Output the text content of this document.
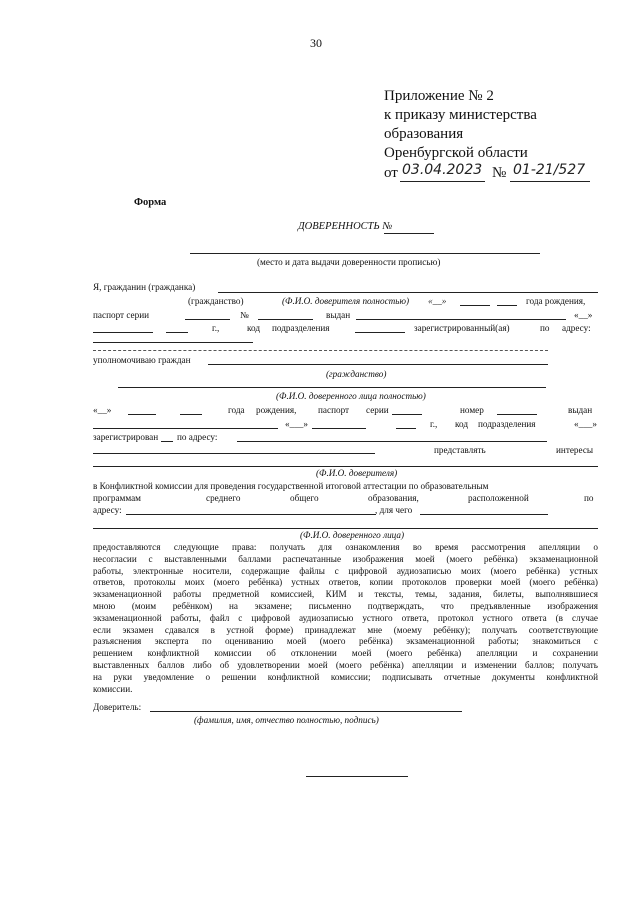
30
Приложение № 2
к приказу министерства
образования
Оренбургской области
от 03.04.2023 № 01-21/527
Форма
ДОВЕРЕННОСТЬ №
(место и дата выдачи доверенности прописью)
Я, гражданин (гражданка)
(гражданство)	(Ф.И.О. доверителя полностью) «__»	года рождения,
паспорт серии	№	выдан	«__»
г.,	код подразделения	зарегистрированный(ая)	по адресу:
уполномочиваю граждан
(гражданство)
(Ф.И.О. доверенного лица полностью)
«__»	года рождения, паспорт серии	номер	выдан
«___»	г., код подразделения	«___»
зарегистрирован по адресу:
представлять	интересы
(Ф.И.О. доверителя)
в Конфликтной комиссии для проведения государственной итоговой аттестации по образовательным
программам	среднего	общего	образования,	расположенной	по
адресу:	, для чего
(Ф.И.О. доверенного лица)
предоставляются следующие права: получать для ознакомления во время рассмотрения апелляции о
несогласии с выставленными баллами распечатанные изображения моей (моего ребёнка) экзаменационной
работы, электронные носители, содержащие файлы с цифровой аудиозаписью моих (моего ребёнка) устных
ответов, протоколы моих (моего ребёнка) устных ответов, копии протоколов проверки моей (моего ребёнка)
экзаменационной работы предметной комиссией, КИМ и тексты, темы, задания, билеты, выполнявшиеся
мною (моим ребёнком) на экзамене; письменно подтверждать, что предъявленные изображения
экзаменационной работы, файл с цифровой аудиозаписью устного ответа, протокол устного ответа (в случае
если экзамен сдавался в устной форме) принадлежат мне (моему ребёнку); получать соответствующие
разъяснения эксперта по оцениванию моей (моего ребёнка) экзаменационной работы; знакомиться с
решением конфликтной комиссии об отклонении моей (моего ребёнка) апелляции и сохранении
выставленных баллов либо об удовлетворении моей (моего ребёнка) апелляции и изменении баллов; получать
на руки уведомление о решении конфликтной комиссии; подписывать отчетные документы конфликтной
комиссии.
Доверитель:
(фамилия, имя, отчество полностью, подпись)
